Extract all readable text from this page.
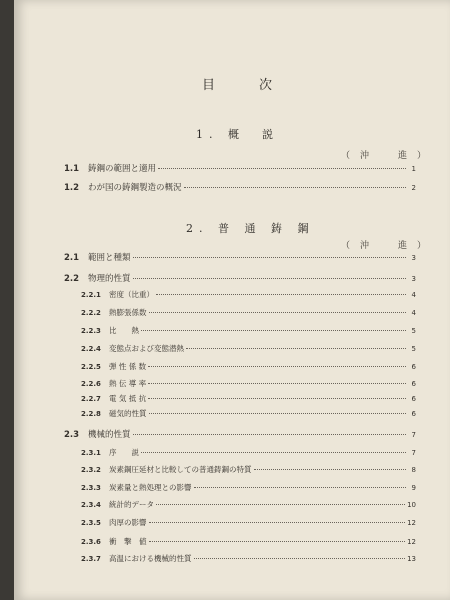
目次
1. 概　説
（沖　進）
2. 普 通 鋳 鋼
（沖　進）
1.1	鋳鋼の範囲と適用	1
1.2	わが国の鋳鋼製造の概況	2
2.1	範囲と種類	3
2.2	物理的性質	3
2.2.1	密度（比重）	4
2.2.2	熱膨張係数	4
2.2.3	比　　熱	5
2.2.4	変態点および変態潜熱	5
2.2.5	弾 性 係 数	6
2.2.6	熱 伝 導 率	6
2.2.7	電 気 抵 抗	6
2.2.8	磁気的性質	6
2.3	機械的性質	7
2.3.1	序　　説	7
2.3.2	炭素鋼圧延材と比較しての普通鋳鋼の特質	8
2.3.3	炭素量と熱処理との影響	9
2.3.4	統計的データ	10
2.3.5	肉厚の影響	12
2.3.6	衝　撃　値	12
2.3.7	高温における機械的性質	13
